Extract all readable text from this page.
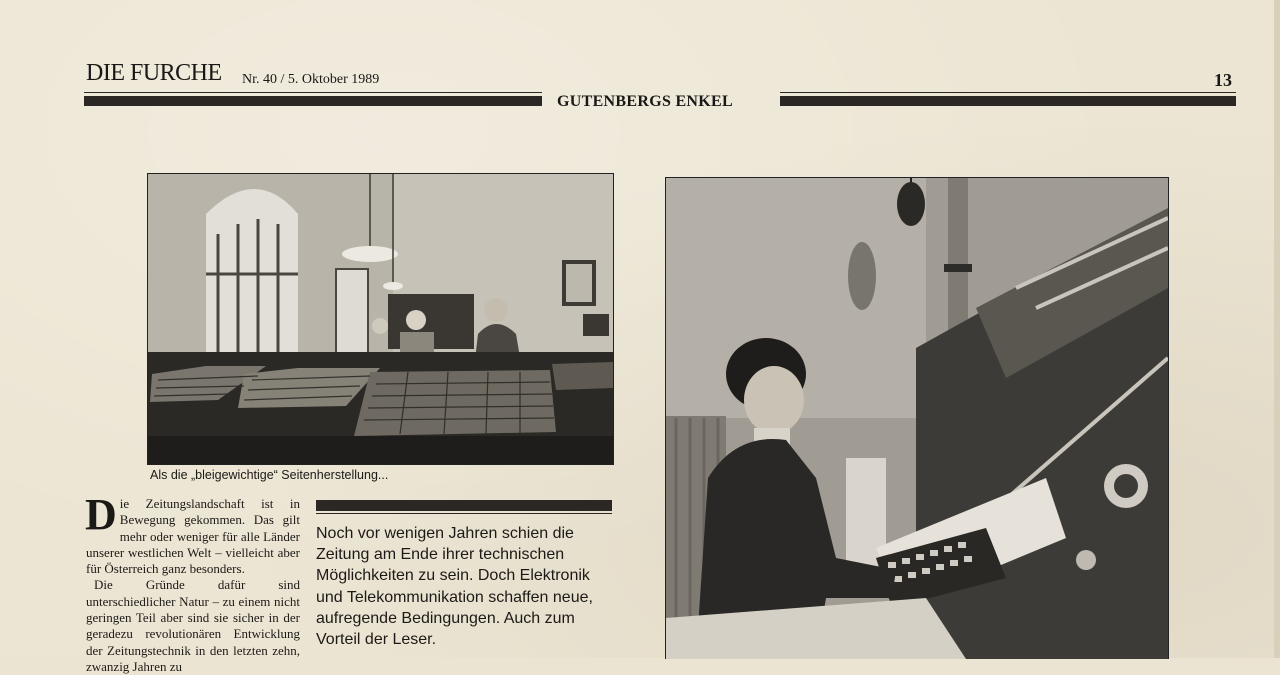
DIE FURCHE Nr. 40 / 5. Oktober 1989	13
GUTENBERGS ENKEL
Als die „bleigewichtige“ Seitenherstellung...

Die Zeitungslandschaft ist in Bewegung gekommen. Das gilt mehr oder weniger für alle Länder unserer westlichen Welt – vielleicht aber für Österreich ganz besonders.

Die Gründe dafür sind unterschiedlicher Natur – zu einem nicht geringen Teil aber sind sie sicher in der geradezu revolutionären Entwicklung der Zeitungstechnik in den letzten zehn, zwanzig Jahren zu

Noch vor wenigen Jahren schien die Zeitung am Ende ihrer technischen Möglichkeiten zu sein. Doch Elektronik und Telekommunikation schaffen neue, aufregende Bedingungen. Auch zum Vorteil der Leser.
